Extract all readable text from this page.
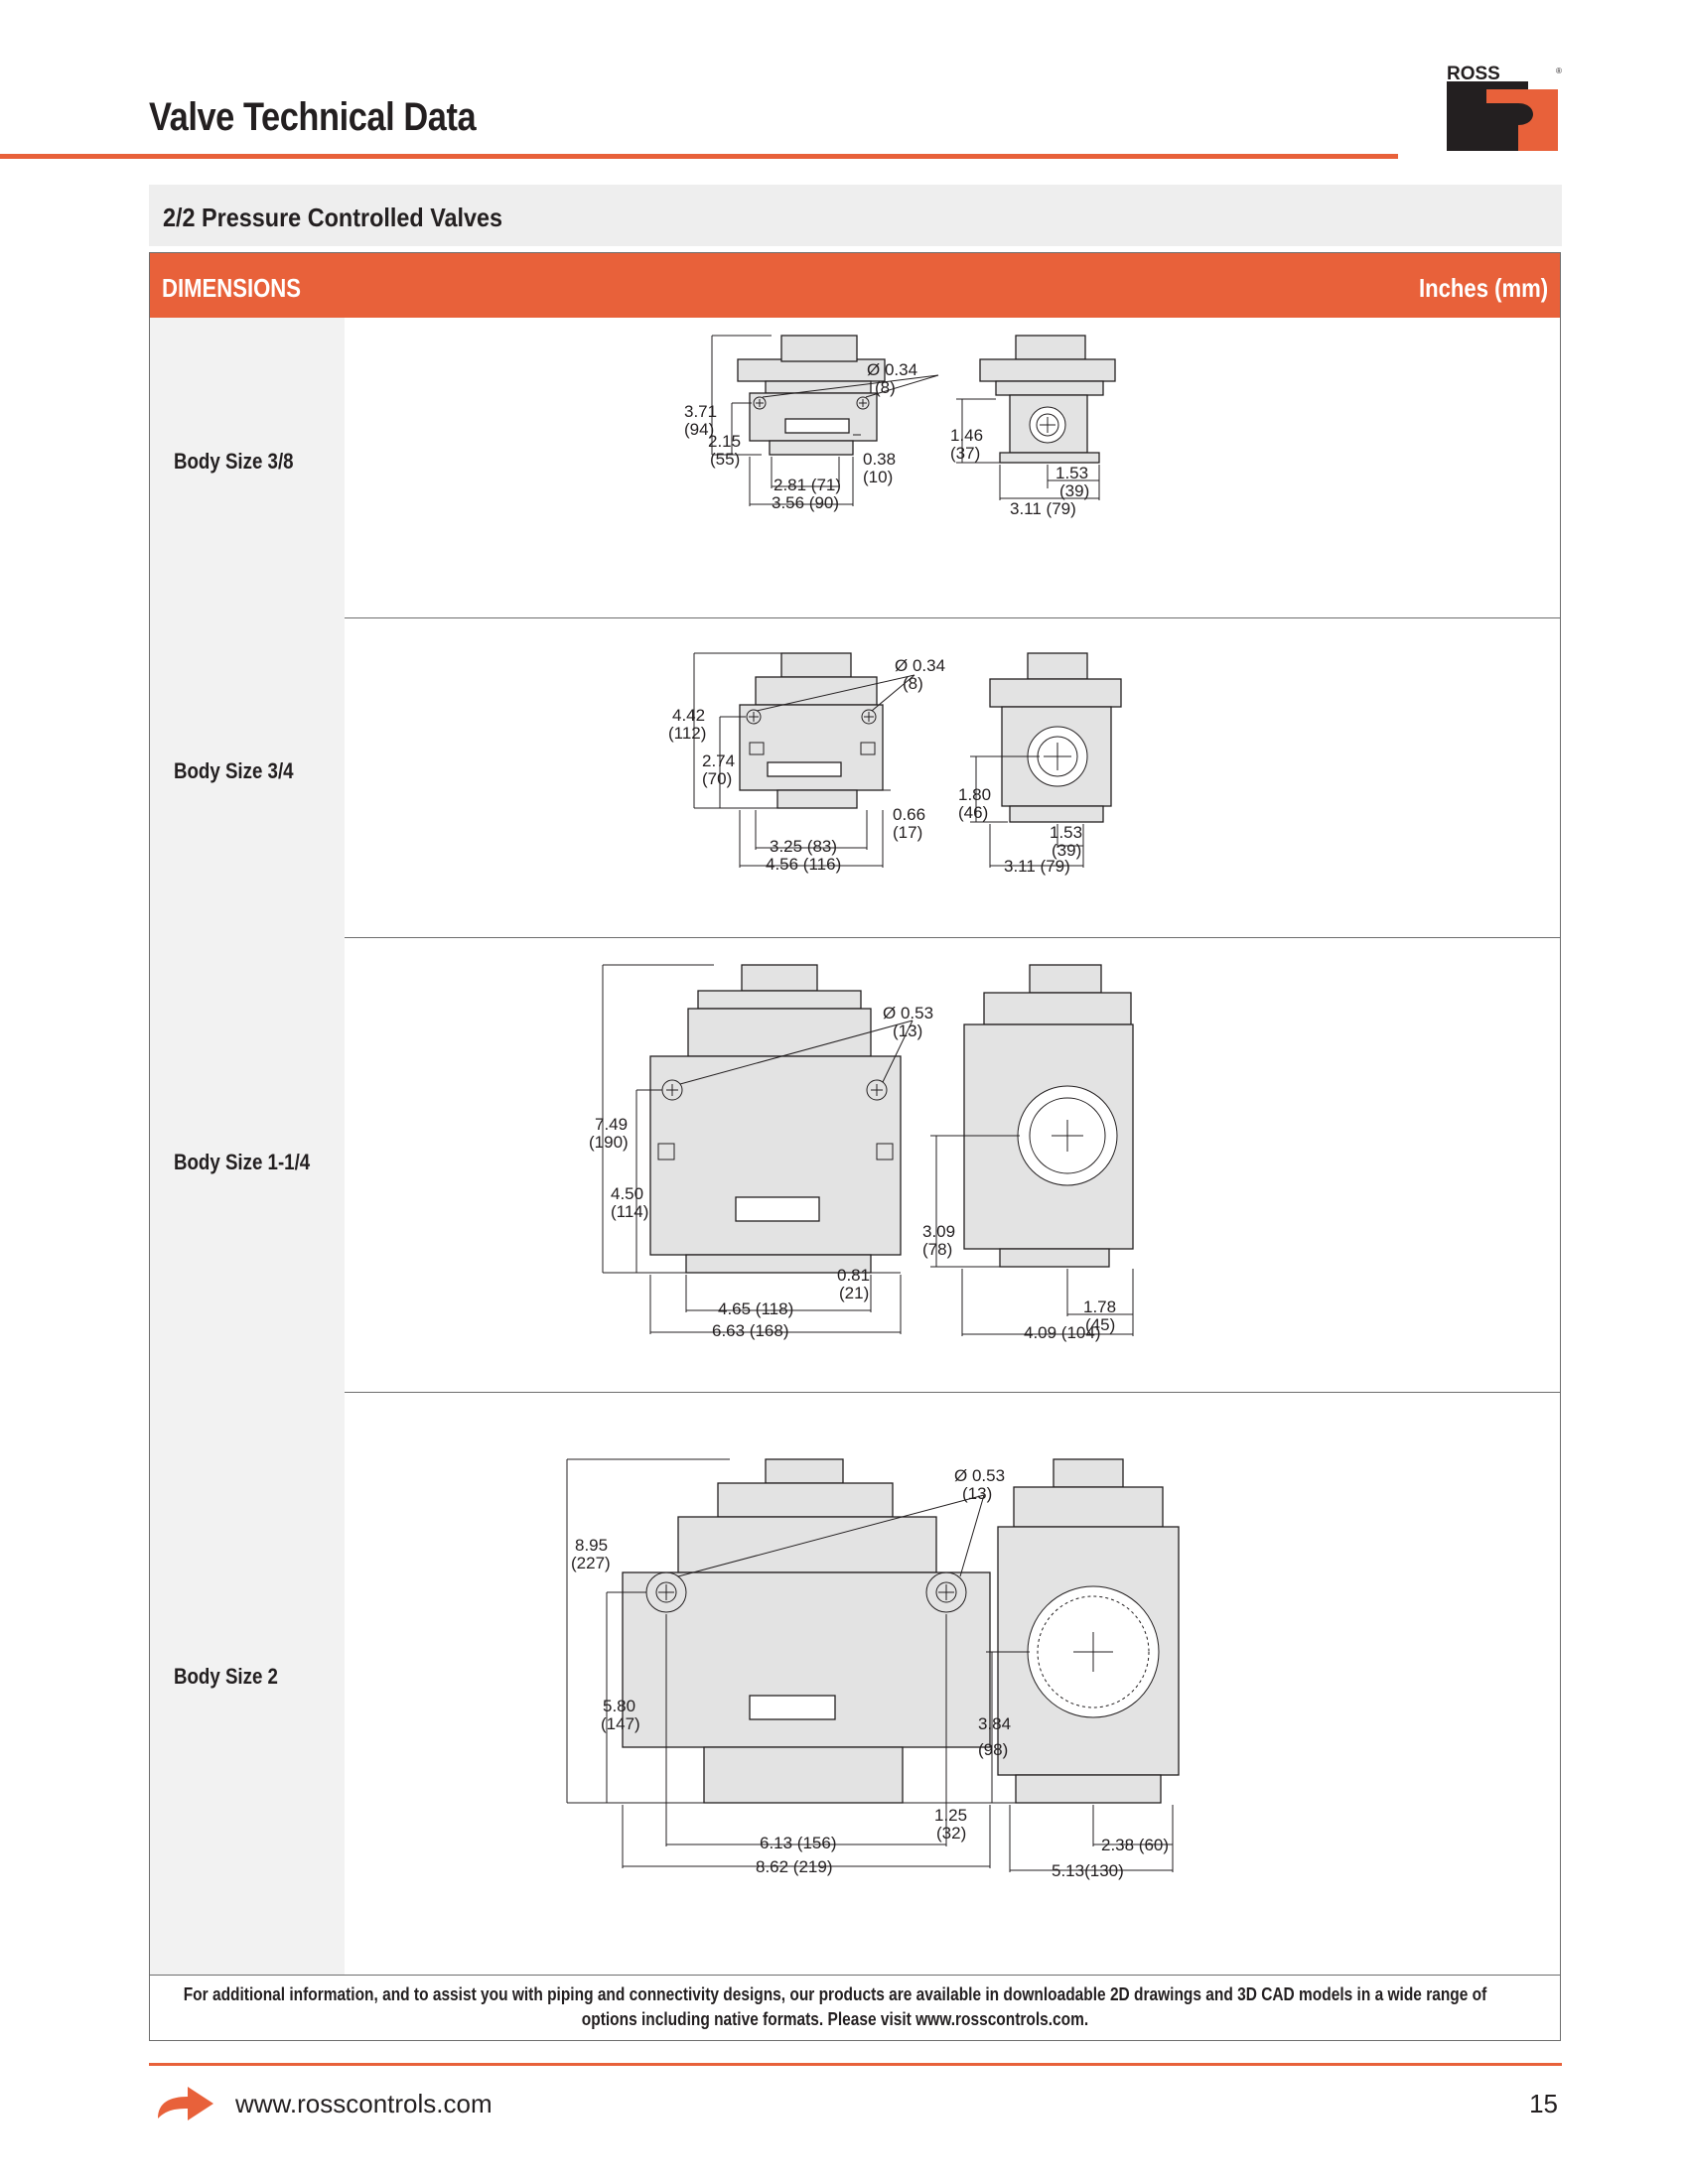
Valve Technical Data
ROSS	®
2/2 Pressure Controlled Valves
DIMENSIONS	Inches (mm)
Body Size 3/8
Ø 0.34
(8)
3.71
(94)
2.15
(55)	0.38
(10)
2.81 (71)
3.56 (90)
1.46
(37)
1.53
(39)
3.11 (79)
Body Size 3/4
Ø 0.34
(8)
4.42
(112)
2.74
(70)
0.66
(17)
3.25 (83)
4.56 (116)
1.80
(46)
1.53
(39)
3.11 (79)
Body Size 1-1/4
Ø 0.53
(13)
7.49
(190)
4.50
(114)
0.81
(21)
4.65 (118)
6.63 (168)
3.09
(78)
1.78
(45)
4.09 (104)
Body Size 2
Ø 0.53
(13)
8.95
(227)
5.80
(147)
1.25
(32)
6.13 (156)
8.62 (219)
3.84
(98)
2.38 (60)
5.13(130)
For additional information, and to assist you with piping and connectivity designs, our products are available in downloadable 2D drawings and 3D CAD models in a wide range of options including native formats. Please visit www.rosscontrols.com.
www.rosscontrols.com	15
